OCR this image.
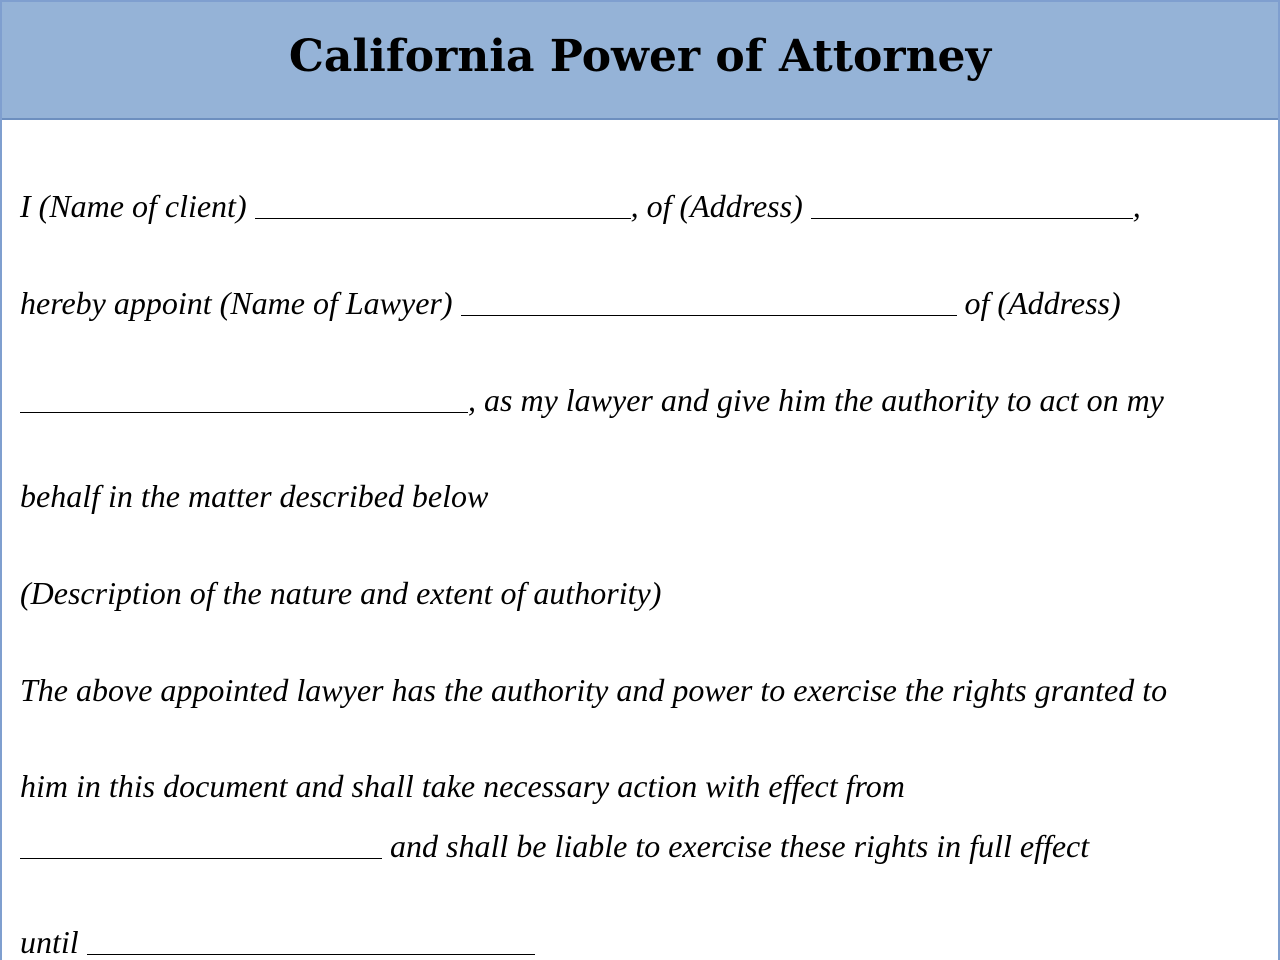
California Power of Attorney
I (Name of client)	, of (Address)	,
hereby appoint (Name of Lawyer)	of (Address)
, as my lawyer and give him the authority to act on my
behalf in the matter described below
(Description of the nature and extent of authority)
The above appointed lawyer has the authority and power to exercise the rights granted to
him in this document and shall take necessary action with effect from
and shall be liable to exercise these rights in full effect
until
